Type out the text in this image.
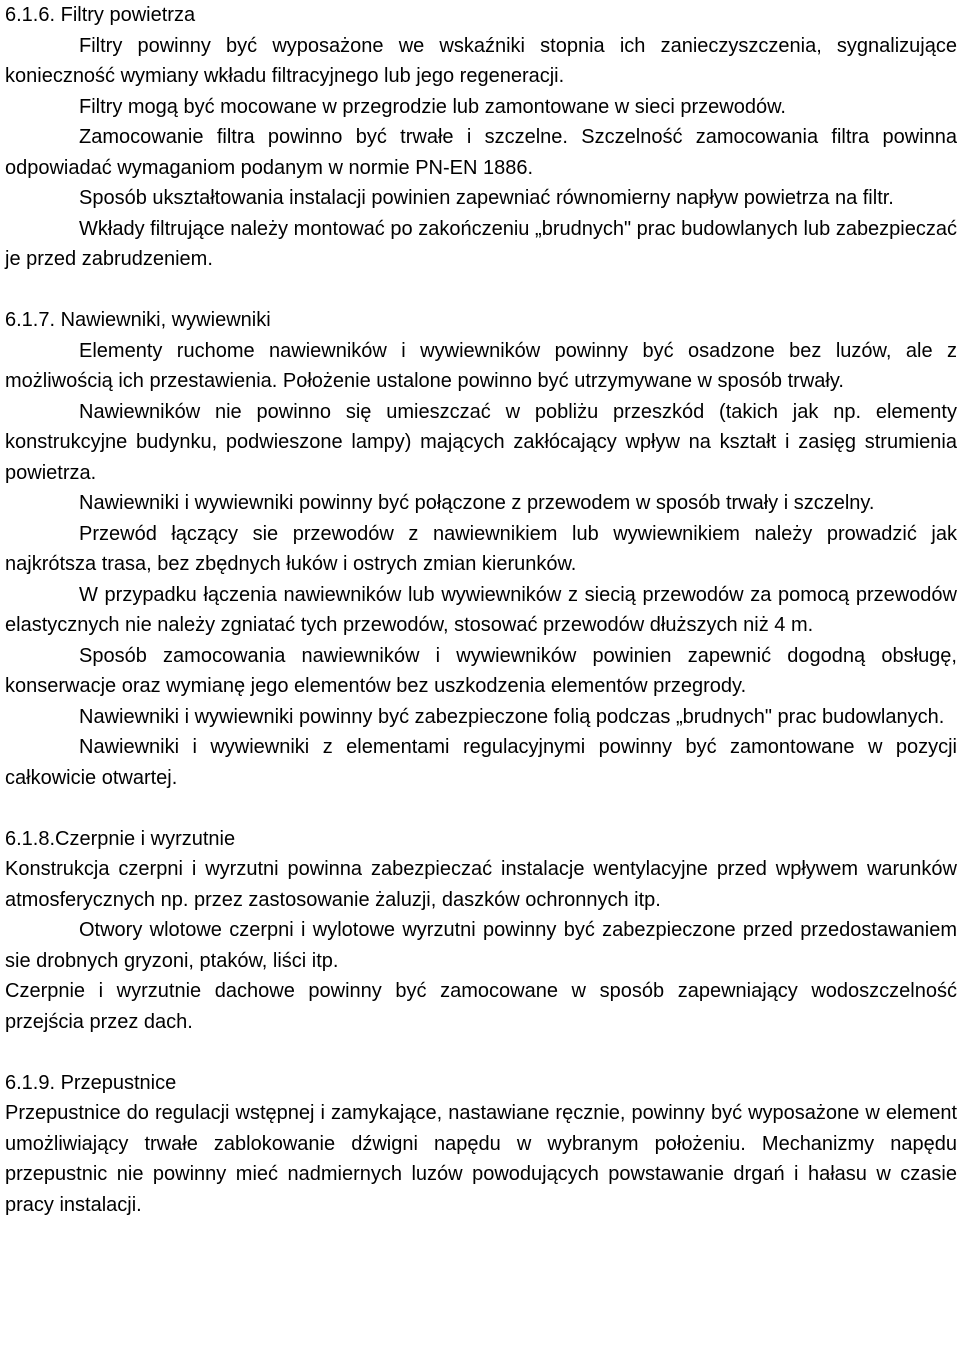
6.1.6. Filtry powietrza

Filtry powinny być wyposażone we wskaźniki stopnia ich zanieczyszczenia, sygnalizujące konieczność wymiany wkładu filtracyjnego lub jego regeneracji.

Filtry mogą być mocowane w przegrodzie lub zamontowane w sieci przewodów.

Zamocowanie filtra powinno być trwałe i szczelne. Szczelność zamocowania filtra powinna odpowiadać wymaganiom podanym w normie PN-EN 1886.

Sposób ukształtowania instalacji powinien zapewniać równomierny napływ powietrza na filtr.

Wkłady filtrujące należy montować po zakończeniu „brudnych" prac budowlanych lub zabezpieczać je przed zabrudzeniem.

6.1.7. Nawiewniki, wywiewniki

Elementy ruchome nawiewników i wywiewników powinny być osadzone bez luzów, ale z możliwością ich przestawienia. Położenie ustalone powinno być utrzymywane w sposób trwały.

Nawiewników nie powinno się umieszczać w pobliżu przeszkód (takich jak np. elementy konstrukcyjne budynku, podwieszone lampy) mających zakłócający wpływ na kształt i zasięg strumienia powietrza.

Nawiewniki i wywiewniki powinny być połączone z przewodem w sposób trwały i szczelny.

Przewód łączący sie przewodów z nawiewnikiem lub wywiewnikiem należy prowadzić jak najkrótsza trasa, bez zbędnych łuków i ostrych zmian kierunków.

W przypadku łączenia nawiewników lub wywiewników z siecią przewodów za pomocą przewodów elastycznych nie należy zgniatać tych przewodów, stosować przewodów dłuższych niż 4 m.

Sposób zamocowania nawiewników i wywiewników powinien zapewnić dogodną obsługę, konserwacje oraz wymianę jego elementów bez uszkodzenia elementów przegrody.

Nawiewniki i wywiewniki powinny być zabezpieczone folią podczas „brudnych" prac budowlanych.

Nawiewniki i wywiewniki z elementami regulacyjnymi powinny być zamontowane w pozycji całkowicie otwartej.

6.1.8.Czerpnie i wyrzutnie

Konstrukcja czerpni i wyrzutni powinna zabezpieczać instalacje wentylacyjne przed wpływem warunków atmosferycznych np. przez zastosowanie żaluzji, daszków ochronnych itp.

Otwory wlotowe czerpni i wylotowe wyrzutni powinny być zabezpieczone przed przedostawaniem sie drobnych gryzoni, ptaków, liści itp.

Czerpnie i wyrzutnie dachowe powinny być zamocowane w sposób zapewniający wodoszczelność przejścia przez dach.

6.1.9. Przepustnice

Przepustnice do regulacji wstępnej i zamykające, nastawiane ręcznie, powinny być wyposażone w element umożliwiający trwałe zablokowanie dźwigni napędu w wybranym położeniu. Mechanizmy napędu przepustnic nie powinny mieć nadmiernych luzów powodujących powstawanie drgań i hałasu w czasie pracy instalacji.
